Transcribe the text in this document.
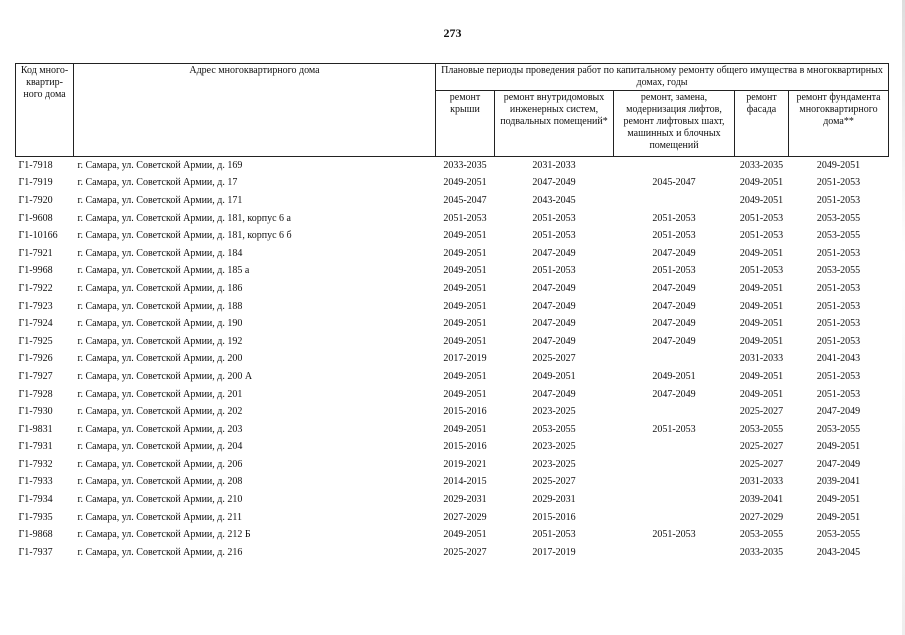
273
Код много-квартир-ного дома	Адрес многоквартирного дома	Плановые периоды проведения работ по капитальному ремонту общего имущества в многоквартирных домах, годы				
		ремонт крыши	ремонт внутридомовых инженерных систем, подвальных помещений*	ремонт, замена, модернизация лифтов, ремонт лифтовых шахт, машинных и блочных помещений	ремонт фасада	ремонт фундамента многоквартирного дома**
Г1-7918	г. Самара, ул. Советской Армии, д. 169	2033-2035	2031-2033		2033-2035	2049-2051
Г1-7919	г. Самара, ул. Советской Армии, д. 17	2049-2051	2047-2049	2045-2047	2049-2051	2051-2053
Г1-7920	г. Самара, ул. Советской Армии, д. 171	2045-2047	2043-2045		2049-2051	2051-2053
Г1-9608	г. Самара, ул. Советской Армии, д. 181, корпус 6 а	2051-2053	2051-2053	2051-2053	2051-2053	2053-2055
Г1-10166	г. Самара, ул. Советской Армии, д. 181, корпус 6 б	2049-2051	2051-2053	2051-2053	2051-2053	2053-2055
Г1-7921	г. Самара, ул. Советской Армии, д. 184	2049-2051	2047-2049	2047-2049	2049-2051	2051-2053
Г1-9968	г. Самара, ул. Советской Армии, д. 185 а	2049-2051	2051-2053	2051-2053	2051-2053	2053-2055
Г1-7922	г. Самара, ул. Советской Армии, д. 186	2049-2051	2047-2049	2047-2049	2049-2051	2051-2053
Г1-7923	г. Самара, ул. Советской Армии, д. 188	2049-2051	2047-2049	2047-2049	2049-2051	2051-2053
Г1-7924	г. Самара, ул. Советской Армии, д. 190	2049-2051	2047-2049	2047-2049	2049-2051	2051-2053
Г1-7925	г. Самара, ул. Советской Армии, д. 192	2049-2051	2047-2049	2047-2049	2049-2051	2051-2053
Г1-7926	г. Самара, ул. Советской Армии, д. 200	2017-2019	2025-2027		2031-2033	2041-2043
Г1-7927	г. Самара, ул. Советской Армии, д. 200 А	2049-2051	2049-2051	2049-2051	2049-2051	2051-2053
Г1-7928	г. Самара, ул. Советской Армии, д. 201	2049-2051	2047-2049	2047-2049	2049-2051	2051-2053
Г1-7930	г. Самара, ул. Советской Армии, д. 202	2015-2016	2023-2025		2025-2027	2047-2049
Г1-9831	г. Самара, ул. Советской Армии, д. 203	2049-2051	2053-2055	2051-2053	2053-2055	2053-2055
Г1-7931	г. Самара, ул. Советской Армии, д. 204	2015-2016	2023-2025		2025-2027	2049-2051
Г1-7932	г. Самара, ул. Советской Армии, д. 206	2019-2021	2023-2025		2025-2027	2047-2049
Г1-7933	г. Самара, ул. Советской Армии, д. 208	2014-2015	2025-2027		2031-2033	2039-2041
Г1-7934	г. Самара, ул. Советской Армии, д. 210	2029-2031	2029-2031		2039-2041	2049-2051
Г1-7935	г. Самара, ул. Советской Армии, д. 211	2027-2029	2015-2016		2027-2029	2049-2051
Г1-9868	г. Самара, ул. Советской Армии, д. 212 Б	2049-2051	2051-2053	2051-2053	2053-2055	2053-2055
Г1-7937	г. Самара, ул. Советской Армии, д. 216	2025-2027	2017-2019		2033-2035	2043-2045
